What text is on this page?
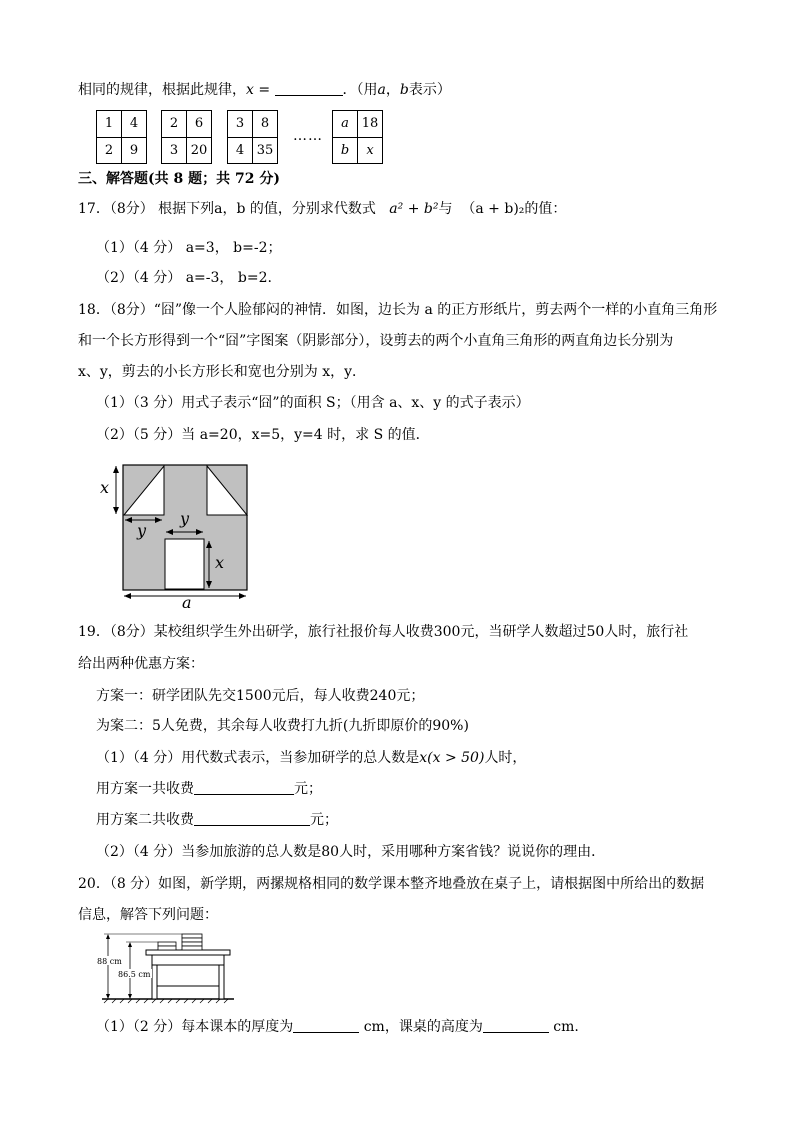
相同的规律，根据此规律，x =	．（用a，b表示）
1	4
2	9
2	6
3	20
3	8
4	35
……
a	18
b	x
三、解答题(共 8 题；共 72 分)
17．（8分） 根据下列a，b 的值，分别求代数式 a² + b²与 （a + b)₂的值：
（1）（4 分） a=3， b=-2；
（2）（4 分） a=-3， b=2.
18．（8分）“囧”像一个人脸郁闷的神情．如图，边长为 a 的正方形纸片，剪去两个一样的小直角三角形
和一个长方形得到一个“囧”字图案（阴影部分），设剪去的两个小直角三角形的两直角边长分别为
x、y，剪去的小长方形长和宽也分别为 x，y．
（1）（3 分）用式子表示“囧”的面积 S；（用含 a、x、y 的式子表示）
（2）（5 分）当 a=20，x=5，y=4 时，求 S 的值．
x
y
y
x
a
19．（8分）某校组织学生外出研学，旅行社报价每人收费300元，当研学人数超过50人时，旅行社
给出两种优惠方案：
方案一：研学团队先交1500元后，每人收费240元；
为案二：5人免费，其余每人收费打九折(九折即原价的90%)
（1）（4 分）用代数式表示，当参加研学的总人数是x(x > 50)人时，
用方案一共收费	元；
用方案二共收费	元；
（2）（4 分）当参加旅游的总人数是80人时，采用哪种方案省钱？说说你的理由．
20．（8 分）如图，新学期，两摞规格相同的数学课本整齐地叠放在桌子上，请根据图中所给出的数据
信息，解答下列问题：
88 cm
86.5 cm
（1）（2 分）每本课本的厚度为	cm，课桌的高度为	cm.
